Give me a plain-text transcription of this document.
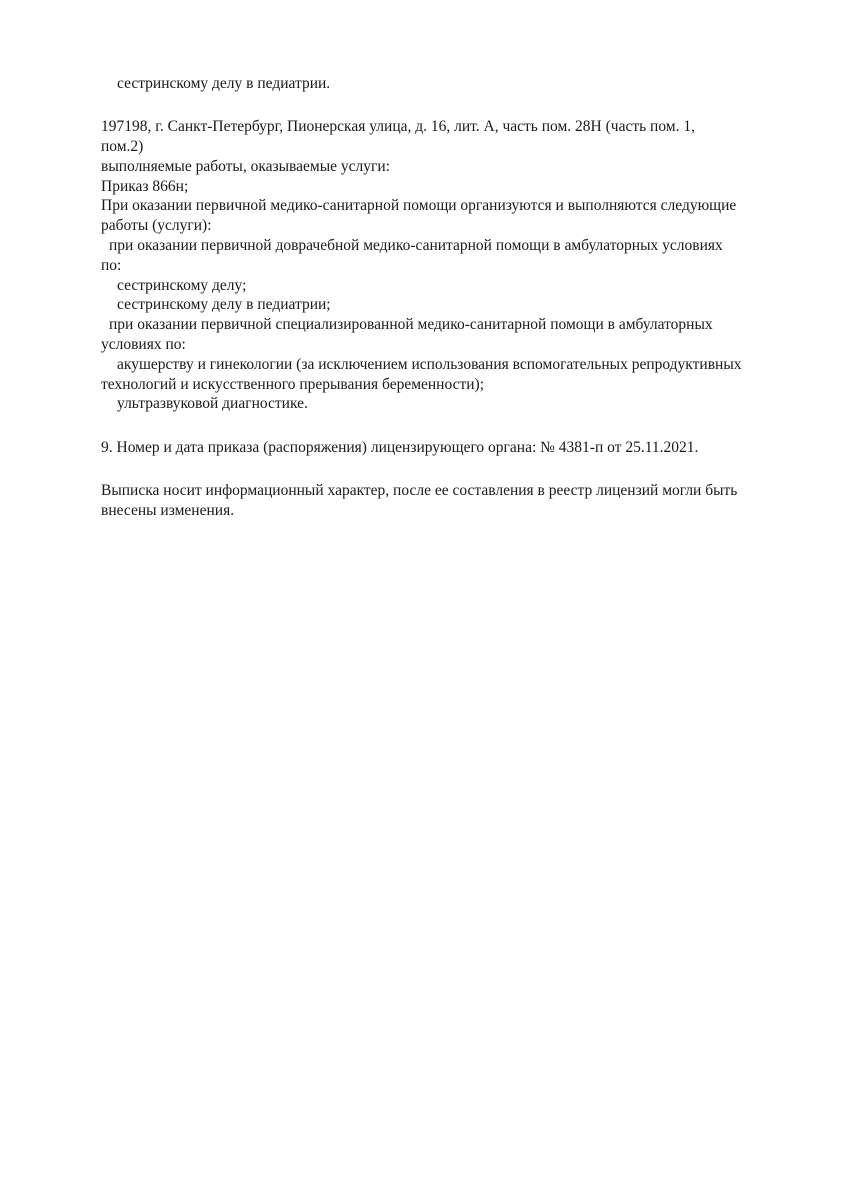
сестринскому делу в педиатрии.
197198, г. Санкт-Петербург, Пионерская улица, д. 16, лит. А, часть пом. 28Н (часть пом. 1,
пом.2)
выполняемые работы, оказываемые услуги:
Приказ 866н;
При оказании первичной медико-санитарной помощи организуются и выполняются следующие
работы (услуги):
при оказании первичной доврачебной медико-санитарной помощи в амбулаторных условиях
по:
сестринскому делу;
сестринскому делу в педиатрии;
при оказании первичной специализированной медико-санитарной помощи в амбулаторных
условиях по:
акушерству и гинекологии (за исключением использования вспомогательных репродуктивных
технологий и искусственного прерывания беременности);
ультразвуковой диагностике.
9. Номер и дата приказа (распоряжения) лицензирующего органа: № 4381-п от 25.11.2021.
Выписка носит информационный характер, после ее составления в реестр лицензий могли быть
внесены изменения.
